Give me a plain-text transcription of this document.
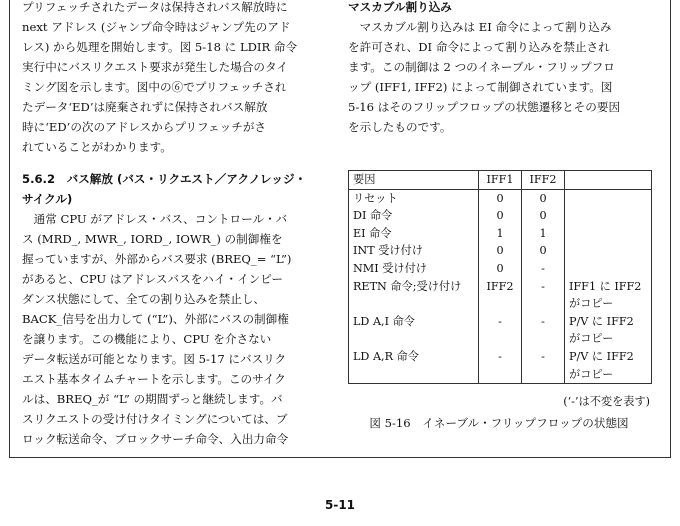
プリフェッチされたデータは保持されバス解放時に

next アドレス (ジャンプ命令時はジャンプ先のアド

レス) から処理を開始します。図 5-18 に LDIR 命令

実行中にバスリクエスト要求が発生した場合のタイ

ミング図を示します。図中の⑥でプリフェッチされ

たデータ‘ED’は廃棄されずに保持されバス解放

時に‘ED’の次のアドレスからプリフェッチがさ

れていることがわかります。

5.6.2　バス解放 (バス・リクエスト／アクノレッジ・

サイクル)

　通常 CPU がアドレス・バス、コントロール・バ

ス (MRD_, MWR_, IORD_, IOWR_) の制御権を

握っていますが、外部からバス要求 (BREQ_= “L”)

があると、CPU はアドレスバスをハイ・インピー

ダンス状態にして、全ての割り込みを禁止し、

BACK_信号を出力して (“L”)、外部にバスの制御権

を譲ります。この機能により、CPU を介さない

データ転送が可能となります。図 5-17 にバスリク

エスト基本タイムチャートを示します。このサイク

ルは、BREQ_が “L” の期間ずっと継続します。バ

スリクエストの受け付けタイミングについては、ブ

ロック転送命令、ブロックサーチ命令、入出力命令

マスカブル割り込み

　マスカブル割り込みは EI 命令によって割り込み

を許可され、DI 命令によって割り込みを禁止され

ます。この制御は 2 つのイネーブル・フリップフロ

ップ (IFF1, IFF2) によって制御されています。図

5-16 はそのフリップフロップの状態遷移とその要因

を示したものです。

要因	IFF1	IFF2	
リセット	0	0	
DI 命令	0	0	
EI 命令	1	1	
INT 受け付け	0	0	
NMI 受け付け	0	-	
RETN 命令;受け付け	IFF2	-	IFF1 に IFF2
			がコピー
LD A,I 命令	-	-	P/V に IFF2
			がコピー
LD A,R 命令	-	-	P/V に IFF2
			がコピー
(‘-’は不変を表す)
図 5-16　イネーブル・フリップフロップの状態図
5-11
